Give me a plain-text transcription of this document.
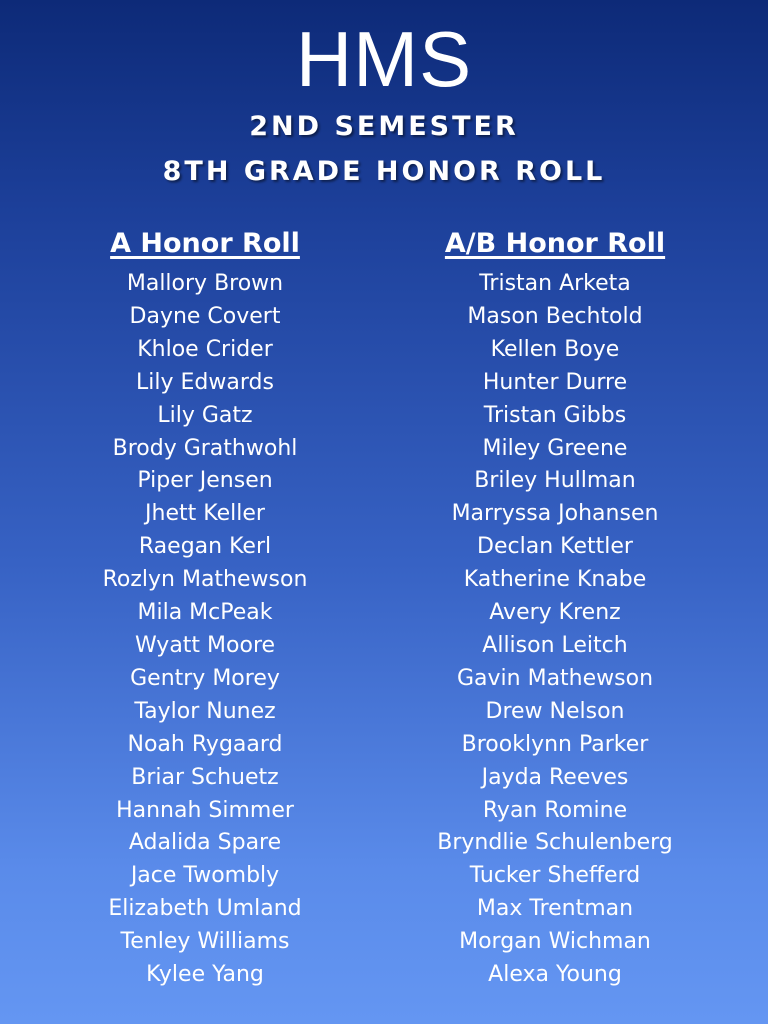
HMS
2ND SEMESTER
8TH GRADE HONOR ROLL
A Honor Roll
Mallory Brown
Dayne Covert
Khloe Crider
Lily Edwards
Lily Gatz
Brody Grathwohl
Piper Jensen
Jhett Keller
Raegan Kerl
Rozlyn Mathewson
Mila McPeak
Wyatt Moore
Gentry Morey
Taylor Nunez
Noah Rygaard
Briar Schuetz
Hannah Simmer
Adalida Spare
Jace Twombly
Elizabeth Umland
Tenley Williams
Kylee Yang
A/B Honor Roll
Tristan Arketa
Mason Bechtold
Kellen Boye
Hunter Durre
Tristan Gibbs
Miley Greene
Briley Hullman
Marryssa Johansen
Declan Kettler
Katherine Knabe
Avery Krenz
Allison Leitch
Gavin Mathewson
Drew Nelson
Brooklynn Parker
Jayda Reeves
Ryan Romine
Bryndlie Schulenberg
Tucker Shefferd
Max Trentman
Morgan Wichman
Alexa Young
